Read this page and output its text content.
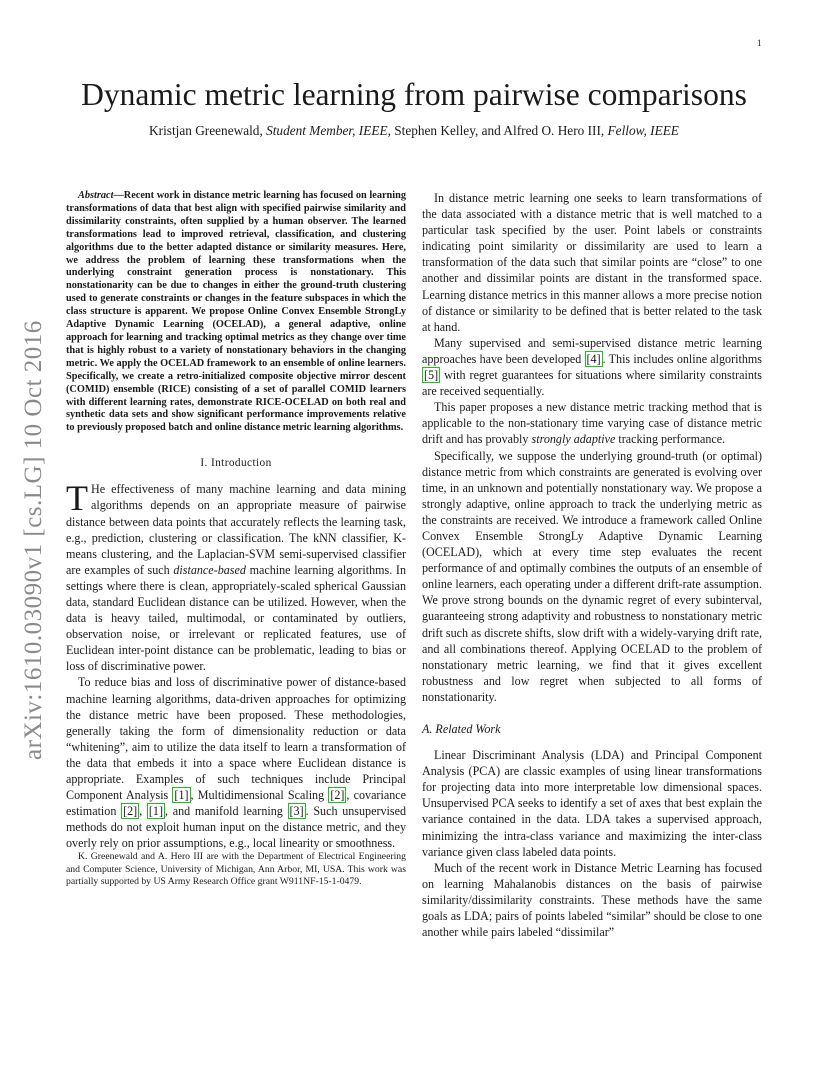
1
arXiv:1610.03090v1 [cs.LG] 10 Oct 2016
Dynamic metric learning from pairwise comparisons
Kristjan Greenewald, Student Member, IEEE, Stephen Kelley, and Alfred O. Hero III, Fellow, IEEE

Abstract—Recent work in distance metric learning has focused on learning transformations of data that best align with specified pairwise similarity and dissimilarity constraints, often supplied by a human observer. The learned transformations lead to improved retrieval, classification, and clustering algorithms due to the better adapted distance or similarity measures. Here, we address the problem of learning these transformations when the underlying constraint generation process is nonstationary. This nonstationarity can be due to changes in either the ground-truth clustering used to generate constraints or changes in the feature subspaces in which the class structure is apparent. We propose Online Convex Ensemble StrongLy Adaptive Dynamic Learning (OCELAD), a general adaptive, online approach for learning and tracking optimal metrics as they change over time that is highly robust to a variety of nonstationary behaviors in the changing metric. We apply the OCELAD framework to an ensemble of online learners. Specifically, we create a retro-initialized composite objective mirror descent (COMID) ensemble (RICE) consisting of a set of parallel COMID learners with different learning rates, demonstrate RICE-OCELAD on both real and synthetic data sets and show significant performance improvements relative to previously proposed batch and online distance metric learning algorithms.

I. Introduction

T He effectiveness of many machine learning and data mining algorithms depends on an appropriate measure of pairwise distance between data points that accurately reflects the learning task, e.g., prediction, clustering or classification. The kNN classifier, K-means clustering, and the Laplacian-SVM semi-supervised classifier are examples of such distance-based machine learning algorithms. In settings where there is clean, appropriately-scaled spherical Gaussian data, standard Euclidean distance can be utilized. However, when the data is heavy tailed, multimodal, or contaminated by outliers, observation noise, or irrelevant or replicated features, use of Euclidean inter-point distance can be problematic, leading to bias or loss of discriminative power.

To reduce bias and loss of discriminative power of distance-based machine learning algorithms, data-driven approaches for optimizing the distance metric have been proposed. These methodologies, generally taking the form of dimensionality reduction or data “whitening”, aim to utilize the data itself to learn a transformation of the data that embeds it into a space where Euclidean distance is appropriate. Examples of such techniques include Principal Component Analysis [1] , Multidimensional Scaling [2] , covariance estimation [2] , [1] , and manifold learning [3] . Such unsupervised methods do not exploit human input on the distance metric, and they overly rely on prior assumptions, e.g., local linearity or smoothness.

K. Greenewald and A. Hero III are with the Department of Electrical Engineering and Computer Science, University of Michigan, Ann Arbor, MI, USA. This work was partially supported by US Army Research Office grant W911NF-15-1-0479.

In distance metric learning one seeks to learn transformations of the data associated with a distance metric that is well matched to a particular task specified by the user. Point labels or constraints indicating point similarity or dissimilarity are used to learn a transformation of the data such that similar points are “close” to one another and dissimilar points are distant in the transformed space. Learning distance metrics in this manner allows a more precise notion of distance or similarity to be defined that is better related to the task at hand.

Many supervised and semi-supervised distance metric learning approaches have been developed [4] . This includes online algorithms [5] with regret guarantees for situations where similarity constraints are received sequentially.

This paper proposes a new distance metric tracking method that is applicable to the non-stationary time varying case of distance metric drift and has provably strongly adaptive tracking performance.

Specifically, we suppose the underlying ground-truth (or optimal) distance metric from which constraints are generated is evolving over time, in an unknown and potentially nonstationary way. We propose a strongly adaptive, online approach to track the underlying metric as the constraints are received. We introduce a framework called Online Convex Ensemble StrongLy Adaptive Dynamic Learning (OCELAD), which at every time step evaluates the recent performance of and optimally combines the outputs of an ensemble of online learners, each operating under a different drift-rate assumption. We prove strong bounds on the dynamic regret of every subinterval, guaranteeing strong adaptivity and robustness to nonstationary metric drift such as discrete shifts, slow drift with a widely-varying drift rate, and all combinations thereof. Applying OCELAD to the problem of nonstationary metric learning, we find that it gives excellent robustness and low regret when subjected to all forms of nonstationarity.

A. Related Work

Linear Discriminant Analysis (LDA) and Principal Component Analysis (PCA) are classic examples of using linear transformations for projecting data into more interpretable low dimensional spaces. Unsupervised PCA seeks to identify a set of axes that best explain the variance contained in the data. LDA takes a supervised approach, minimizing the intra-class variance and maximizing the inter-class variance given class labeled data points.

Much of the recent work in Distance Metric Learning has focused on learning Mahalanobis distances on the basis of pairwise similarity/dissimilarity constraints. These methods have the same goals as LDA; pairs of points labeled “similar” should be close to one another while pairs labeled “dissimilar”
